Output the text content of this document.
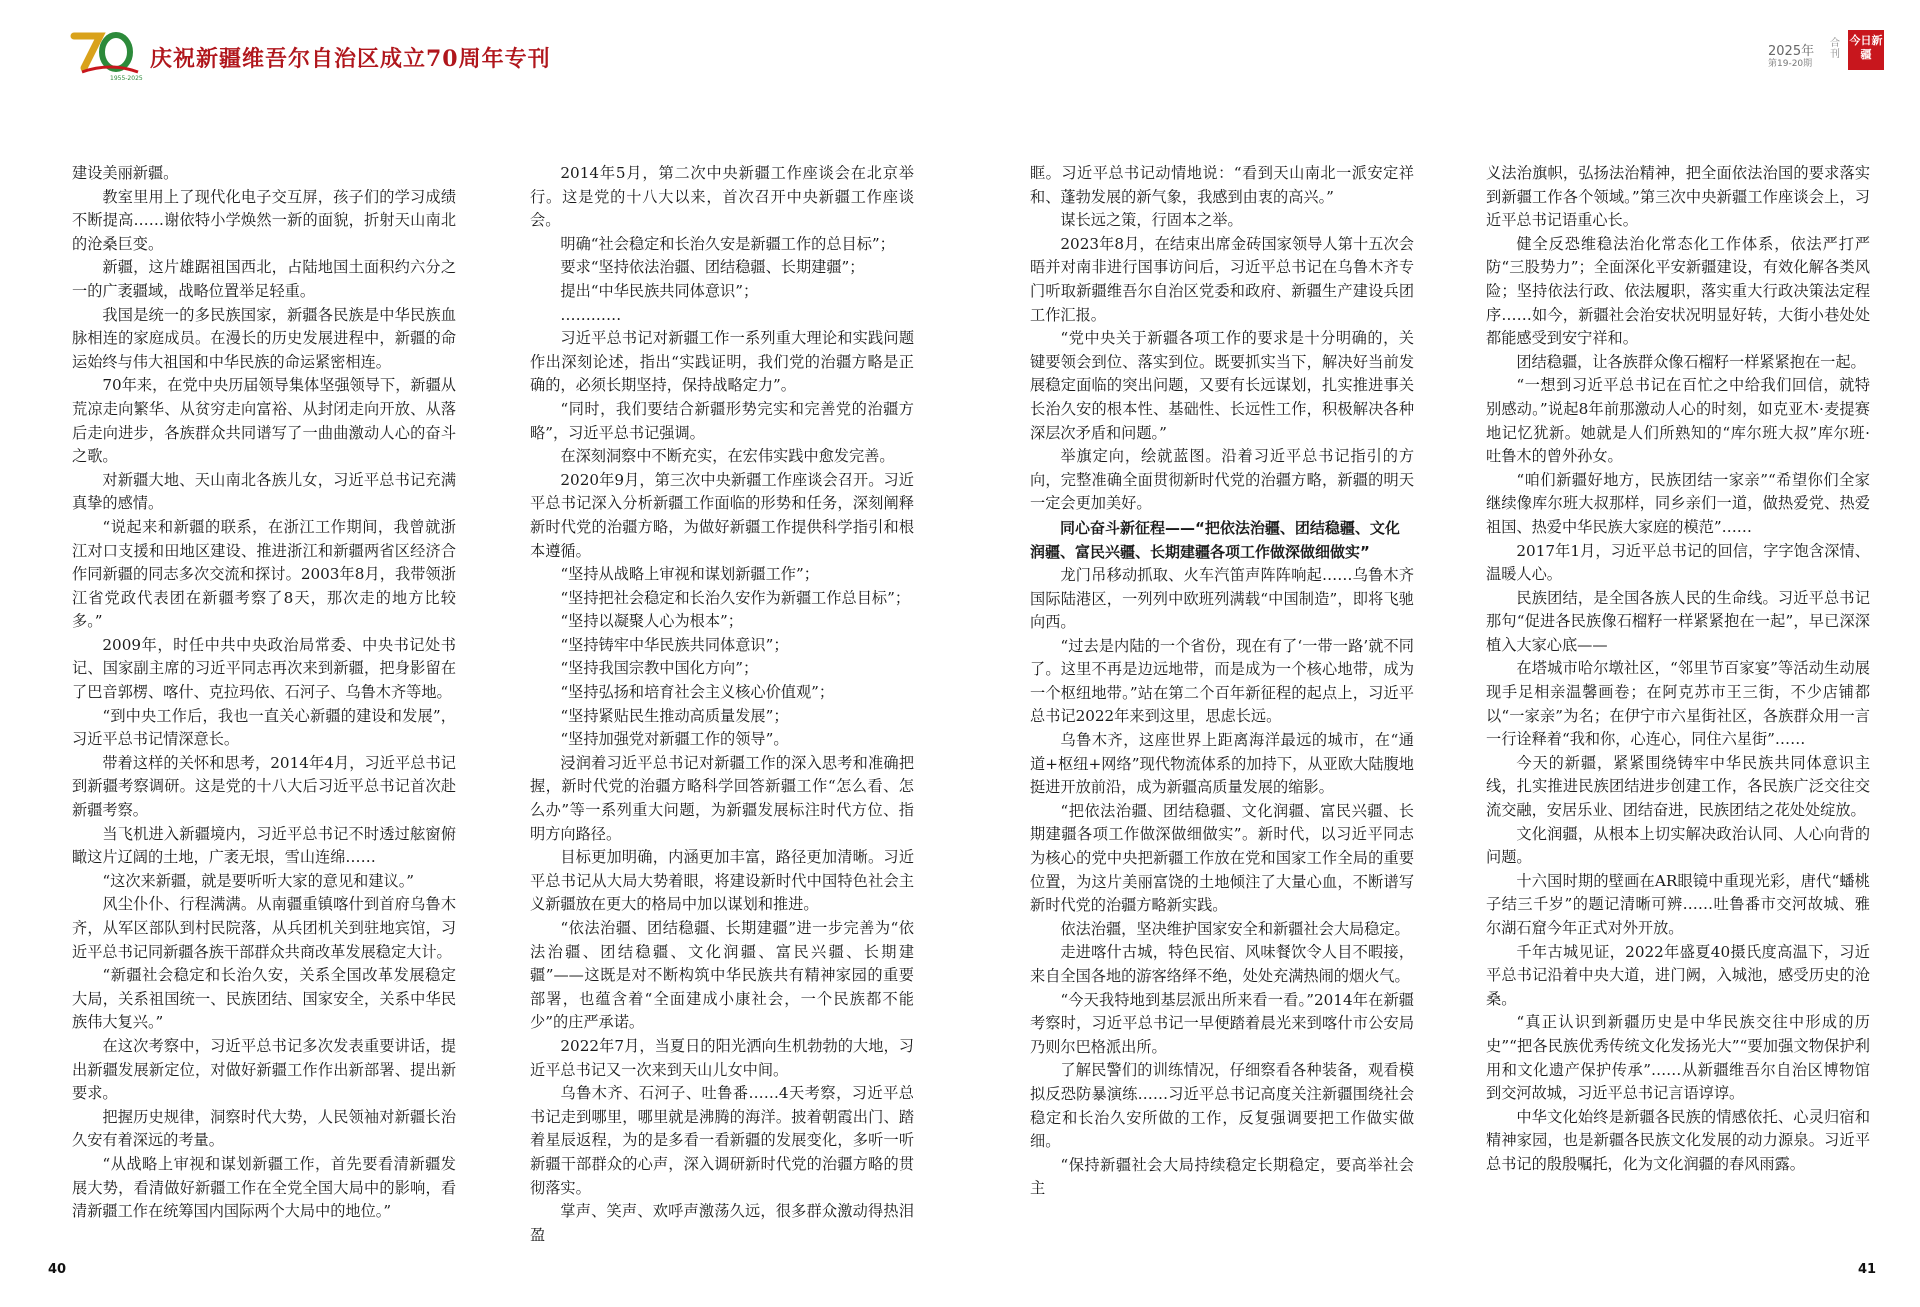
1955-2025
庆祝新疆维吾尔自治区成立70周年专刊	2025年
第19-20期
合刊
今日新疆

建设美丽新疆。

教室里用上了现代化电子交互屏，孩子们的学习成绩不断提高……谢依特小学焕然一新的面貌，折射天山南北的沧桑巨变。

新疆，这片雄踞祖国西北，占陆地国土面积约六分之一的广袤疆域，战略位置举足轻重。

我国是统一的多民族国家，新疆各民族是中华民族血脉相连的家庭成员。在漫长的历史发展进程中，新疆的命运始终与伟大祖国和中华民族的命运紧密相连。

70年来，在党中央历届领导集体坚强领导下，新疆从荒凉走向繁华、从贫穷走向富裕、从封闭走向开放、从落后走向进步，各族群众共同谱写了一曲曲激动人心的奋斗之歌。

对新疆大地、天山南北各族儿女，习近平总书记充满真挚的感情。

“说起来和新疆的联系，在浙江工作期间，我曾就浙江对口支援和田地区建设、推进浙江和新疆两省区经济合作同新疆的同志多次交流和探讨。2003年8月，我带领浙江省党政代表团在新疆考察了8天，那次走的地方比较多。”

2009年，时任中共中央政治局常委、中央书记处书记、国家副主席的习近平同志再次来到新疆，把身影留在了巴音郭楞、喀什、克拉玛依、石河子、乌鲁木齐等地。

“到中央工作后，我也一直关心新疆的建设和发展”，习近平总书记情深意长。

带着这样的关怀和思考，2014年4月，习近平总书记到新疆考察调研。这是党的十八大后习近平总书记首次赴新疆考察。

当飞机进入新疆境内，习近平总书记不时透过舷窗俯瞰这片辽阔的土地，广袤无垠，雪山连绵……

“这次来新疆，就是要听听大家的意见和建议。”

风尘仆仆、行程满满。从南疆重镇喀什到首府乌鲁木齐，从军区部队到村民院落，从兵团机关到驻地宾馆，习近平总书记同新疆各族干部群众共商改革发展稳定大计。

“新疆社会稳定和长治久安，关系全国改革发展稳定大局，关系祖国统一、民族团结、国家安全，关系中华民族伟大复兴。”

在这次考察中，习近平总书记多次发表重要讲话，提出新疆发展新定位，对做好新疆工作作出新部署、提出新要求。

把握历史规律，洞察时代大势，人民领袖对新疆长治久安有着深远的考量。

“从战略上审视和谋划新疆工作，首先要看清新疆发展大势，看清做好新疆工作在全党全国大局中的影响，看清新疆工作在统筹国内国际两个大局中的地位。”

2014年5月，第二次中央新疆工作座谈会在北京举行。这是党的十八大以来，首次召开中央新疆工作座谈会。

明确“社会稳定和长治久安是新疆工作的总目标”；

要求“坚持依法治疆、团结稳疆、长期建疆”；

提出“中华民族共同体意识”；

…………

习近平总书记对新疆工作一系列重大理论和实践问题作出深刻论述，指出“实践证明，我们党的治疆方略是正确的，必须长期坚持，保持战略定力”。

“同时，我们要结合新疆形势完实和完善党的治疆方略”，习近平总书记强调。

在深刻洞察中不断充实，在宏伟实践中愈发完善。

2020年9月，第三次中央新疆工作座谈会召开。习近平总书记深入分析新疆工作面临的形势和任务，深刻阐释新时代党的治疆方略，为做好新疆工作提供科学指引和根本遵循。

“坚持从战略上审视和谋划新疆工作”；

“坚持把社会稳定和长治久安作为新疆工作总目标”；

“坚持以凝聚人心为根本”；

“坚持铸牢中华民族共同体意识”；

“坚持我国宗教中国化方向”；

“坚持弘扬和培育社会主义核心价值观”；

“坚持紧贴民生推动高质量发展”；

“坚持加强党对新疆工作的领导”。

浸润着习近平总书记对新疆工作的深入思考和准确把握，新时代党的治疆方略科学回答新疆工作“怎么看、怎么办”等一系列重大问题，为新疆发展标注时代方位、指明方向路径。

目标更加明确，内涵更加丰富，路径更加清晰。习近平总书记从大局大势着眼，将建设新时代中国特色社会主义新疆放在更大的格局中加以谋划和推进。

“依法治疆、团结稳疆、长期建疆”进一步完善为“依法治疆、团结稳疆、文化润疆、富民兴疆、长期建疆”——这既是对不断构筑中华民族共有精神家园的重要部署，也蕴含着“全面建成小康社会，一个民族都不能少”的庄严承诺。

2022年7月，当夏日的阳光洒向生机勃勃的大地，习近平总书记又一次来到天山儿女中间。

乌鲁木齐、石河子、吐鲁番……4天考察，习近平总书记走到哪里，哪里就是沸腾的海洋。披着朝霞出门、踏着星辰返程，为的是多看一看新疆的发展变化，多听一听新疆干部群众的心声，深入调研新时代党的治疆方略的贯彻落实。

掌声、笑声、欢呼声激荡久远，很多群众激动得热泪盈

眶。习近平总书记动情地说：“看到天山南北一派安定祥和、蓬勃发展的新气象，我感到由衷的高兴。”

谋长远之策，行固本之举。

2023年8月，在结束出席金砖国家领导人第十五次会晤并对南非进行国事访问后，习近平总书记在乌鲁木齐专门听取新疆维吾尔自治区党委和政府、新疆生产建设兵团工作汇报。

“党中央关于新疆各项工作的要求是十分明确的，关键要领会到位、落实到位。既要抓实当下，解决好当前发展稳定面临的突出问题，又要有长远谋划，扎实推进事关长治久安的根本性、基础性、长远性工作，积极解决各种深层次矛盾和问题。”

举旗定向，绘就蓝图。沿着习近平总书记指引的方向，完整准确全面贯彻新时代党的治疆方略，新疆的明天一定会更加美好。

同心奋斗新征程——“把依法治疆、团结稳疆、文化润疆、富民兴疆、长期建疆各项工作做深做细做实”

龙门吊移动抓取、火车汽笛声阵阵响起……乌鲁木齐国际陆港区，一列列中欧班列满载“中国制造”，即将飞驰向西。

“过去是内陆的一个省份，现在有了‘一带一路’就不同了。这里不再是边远地带，而是成为一个核心地带，成为一个枢纽地带。”站在第二个百年新征程的起点上，习近平总书记2022年来到这里，思虑长远。

乌鲁木齐，这座世界上距离海洋最远的城市，在“通道+枢纽+网络”现代物流体系的加持下，从亚欧大陆腹地挺进开放前沿，成为新疆高质量发展的缩影。

“把依法治疆、团结稳疆、文化润疆、富民兴疆、长期建疆各项工作做深做细做实”。新时代，以习近平同志为核心的党中央把新疆工作放在党和国家工作全局的重要位置，为这片美丽富饶的土地倾注了大量心血，不断谱写新时代党的治疆方略新实践。

依法治疆，坚决维护国家安全和新疆社会大局稳定。

走进喀什古城，特色民宿、风味餐饮令人目不暇接，来自全国各地的游客络绎不绝，处处充满热闹的烟火气。

“今天我特地到基层派出所来看一看。”2014年在新疆考察时，习近平总书记一早便踏着晨光来到喀什市公安局乃则尔巴格派出所。

了解民警们的训练情况，仔细察看各种装备，观看模拟反恐防暴演练……习近平总书记高度关注新疆围绕社会稳定和长治久安所做的工作，反复强调要把工作做实做细。

“保持新疆社会大局持续稳定长期稳定，要高举社会主

义法治旗帜，弘扬法治精神，把全面依法治国的要求落实到新疆工作各个领域。”第三次中央新疆工作座谈会上，习近平总书记语重心长。

健全反恐维稳法治化常态化工作体系，依法严打严防“三股势力”；全面深化平安新疆建设，有效化解各类风险；坚持依法行政、依法履职，落实重大行政决策法定程序……如今，新疆社会治安状况明显好转，大街小巷处处都能感受到安宁祥和。

团结稳疆，让各族群众像石榴籽一样紧紧抱在一起。

“一想到习近平总书记在百忙之中给我们回信，就特别感动。”说起8年前那激动人心的时刻，如克亚木·麦提赛地记忆犹新。她就是人们所熟知的“库尔班大叔”库尔班·吐鲁木的曾外孙女。

“咱们新疆好地方，民族团结一家亲”“希望你们全家继续像库尔班大叔那样，同乡亲们一道，做热爱党、热爱祖国、热爱中华民族大家庭的模范”……

2017年1月，习近平总书记的回信，字字饱含深情、温暖人心。

民族团结，是全国各族人民的生命线。习近平总书记那句“促进各民族像石榴籽一样紧紧抱在一起”，早已深深植入大家心底——

在塔城市哈尔墩社区，“邻里节百家宴”等活动生动展现手足相亲温馨画卷；在阿克苏市王三街，不少店铺都以“一家亲”为名；在伊宁市六星街社区，各族群众用一言一行诠释着“我和你，心连心，同住六星街”……

今天的新疆，紧紧围绕铸牢中华民族共同体意识主线，扎实推进民族团结进步创建工作，各民族广泛交往交流交融，安居乐业、团结奋进，民族团结之花处处绽放。

文化润疆，从根本上切实解决政治认同、人心向背的问题。

十六国时期的壁画在AR眼镜中重现光彩，唐代“蟠桃子结三千岁”的题记清晰可辨……吐鲁番市交河故城、雅尔湖石窟今年正式对外开放。

千年古城见证，2022年盛夏40摄氏度高温下，习近平总书记沿着中央大道，进门阙，入城池，感受历史的沧桑。

“真正认识到新疆历史是中华民族交往中形成的历史”“把各民族优秀传统文化发扬光大”“要加强文物保护利用和文化遗产保护传承”……从新疆维吾尔自治区博物馆到交河故城，习近平总书记言语谆谆。

中华文化始终是新疆各民族的情感依托、心灵归宿和精神家园，也是新疆各民族文化发展的动力源泉。习近平总书记的殷殷嘱托，化为文化润疆的春风雨露。

40	41
